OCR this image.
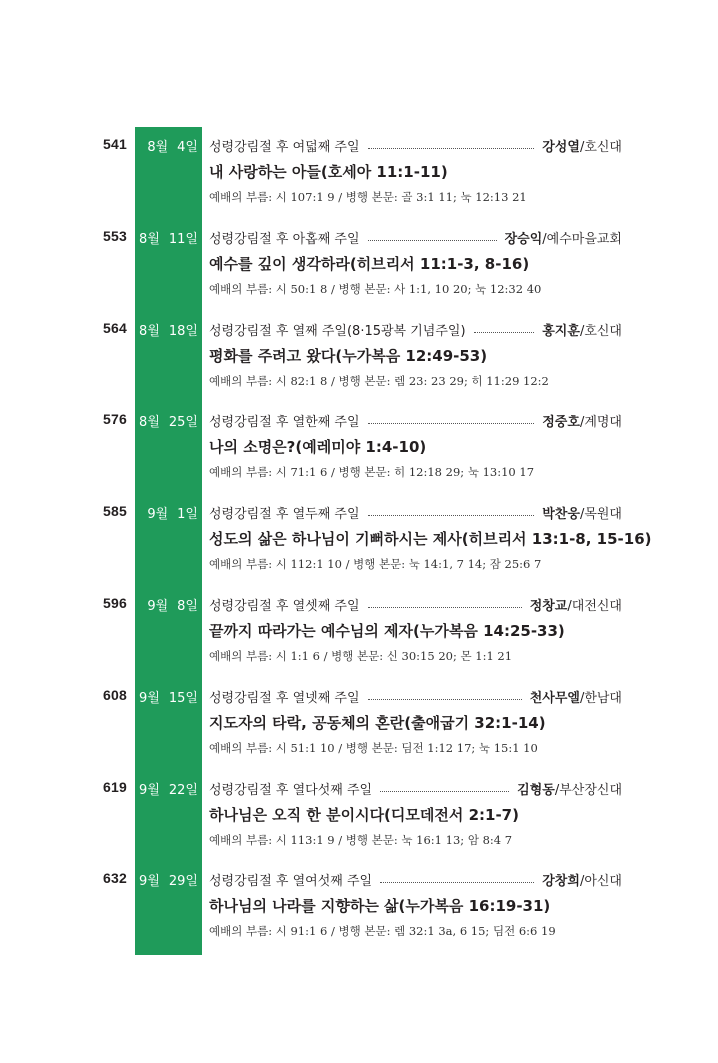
541	8월 4일 성령강림절 후 여덟째 주일	강성열/호신대
내 사랑하는 아들(호세아 11:1-11)
예배의 부름: 시 107:1 9 / 병행 본문: 골 3:1 11; 눅 12:13 21
553 8월 11일 성령강림절 후 아홉째 주일	장승익/예수마을교회
예수를 깊이 생각하라(히브리서 11:1-3, 8-16)
예배의 부름: 시 50:1 8 / 병행 본문: 사 1:1, 10 20; 눅 12:32 40
564 8월 18일 성령강림절 후 열째 주일(8·15광복 기념주일)	홍지훈/호신대
평화를 주려고 왔다(누가복음 12:49-53)
예배의 부름: 시 82:1 8 / 병행 본문: 렘 23: 23 29; 히 11:29 12:2
576 8월 25일 성령강림절 후 열한째 주일	정중호/계명대
나의 소명은?(예레미야 1:4-10)
예배의 부름: 시 71:1 6 / 병행 본문: 히 12:18 29; 눅 13:10 17
585	9월 1일 성령강림절 후 열두째 주일	박찬웅/목원대
성도의 삶은 하나님이 기뻐하시는 제사(히브리서 13:1-8, 15-16)
예배의 부름: 시 112:1 10 / 병행 본문: 눅 14:1, 7 14; 잠 25:6 7
596	9월 8일 성령강림절 후 열셋째 주일	정창교/대전신대
끝까지 따라가는 예수님의 제자(누가복음 14:25-33)
예배의 부름: 시 1:1 6 / 병행 본문: 신 30:15 20; 몬 1:1 21
608 9월 15일 성령강림절 후 열넷째 주일	천사무엘/한남대
지도자의 타락, 공동체의 혼란(출애굽기 32:1-14)
예배의 부름: 시 51:1 10 / 병행 본문: 딤전 1:12 17; 눅 15:1 10
619 9월 22일 성령강림절 후 열다섯째 주일	김형동/부산장신대
하나님은 오직 한 분이시다(디모데전서 2:1-7)
예배의 부름: 시 113:1 9 / 병행 본문: 눅 16:1 13; 암 8:4 7
632 9월 29일 성령강림절 후 열여섯째 주일	강창희/아신대
하나님의 나라를 지향하는 삶(누가복음 16:19-31)
예배의 부름: 시 91:1 6 / 병행 본문: 렘 32:1 3a, 6 15; 딤전 6:6 19
